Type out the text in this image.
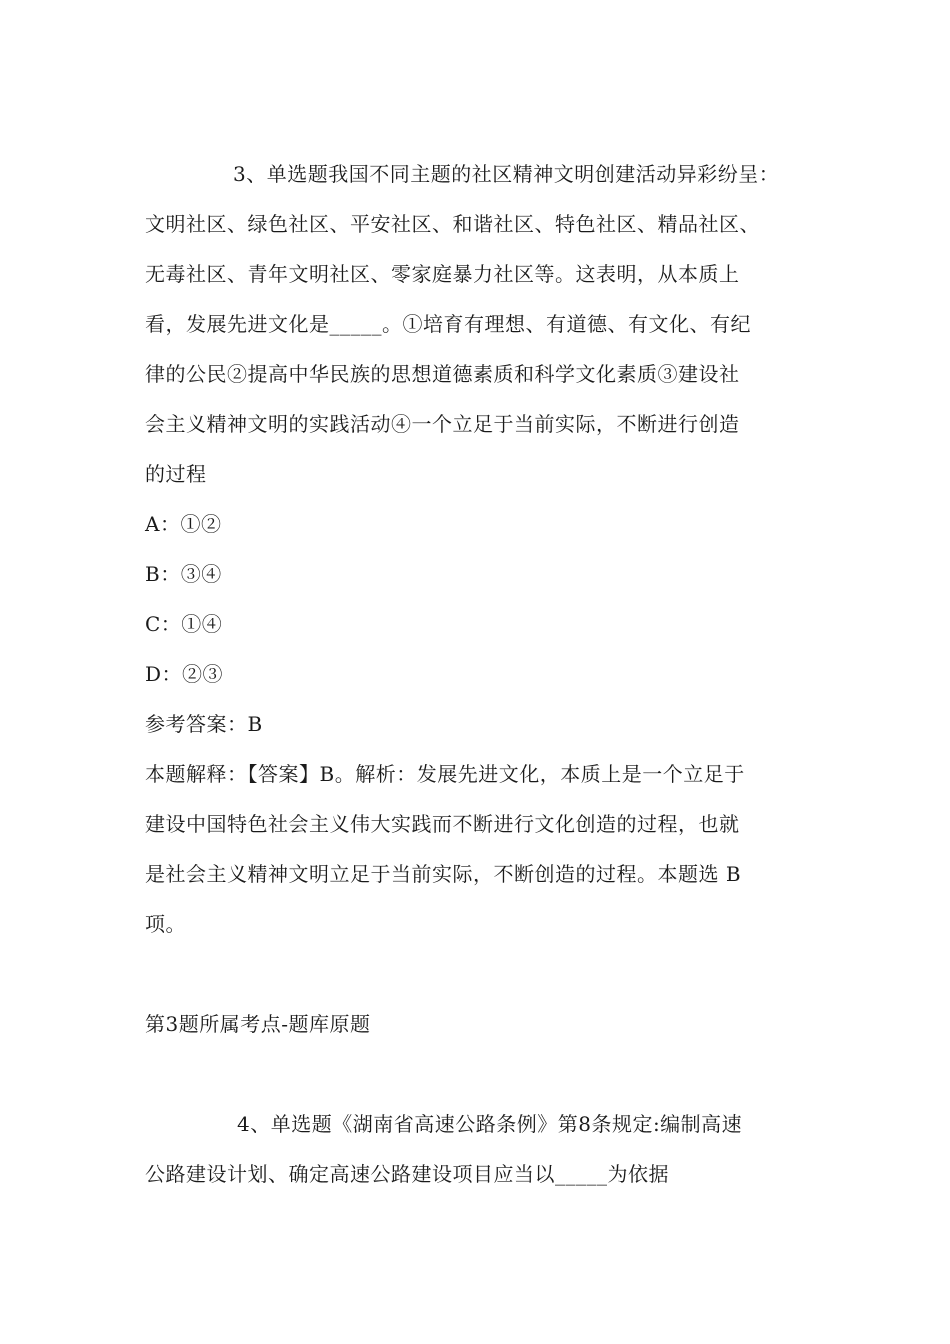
3、单选题我国不同主题的社区精神文明创建活动异彩纷呈：
文明社区、绿色社区、平安社区、和谐社区、特色社区、精品社区、
无毒社区、青年文明社区、零家庭暴力社区等。这表明，从本质上
看，发展先进文化是_____。①培育有理想、有道德、有文化、有纪
律的公民②提高中华民族的思想道德素质和科学文化素质③建设社
会主义精神文明的实践活动④一个立足于当前实际，不断进行创造
的过程
A：①②
B：③④
C：①④
D：②③
参考答案：B
本题解释：【答案】B。解析：发展先进文化，本质上是一个立足于
建设中国特色社会主义伟大实践而不断进行文化创造的过程，也就
是社会主义精神文明立足于当前实际，不断创造的过程。本题选 B
项。
第3题所属考点-题库原题
4、单选题《湖南省高速公路条例》第8条规定:编制高速
公路建设计划、确定高速公路建设项目应当以_____为依据
